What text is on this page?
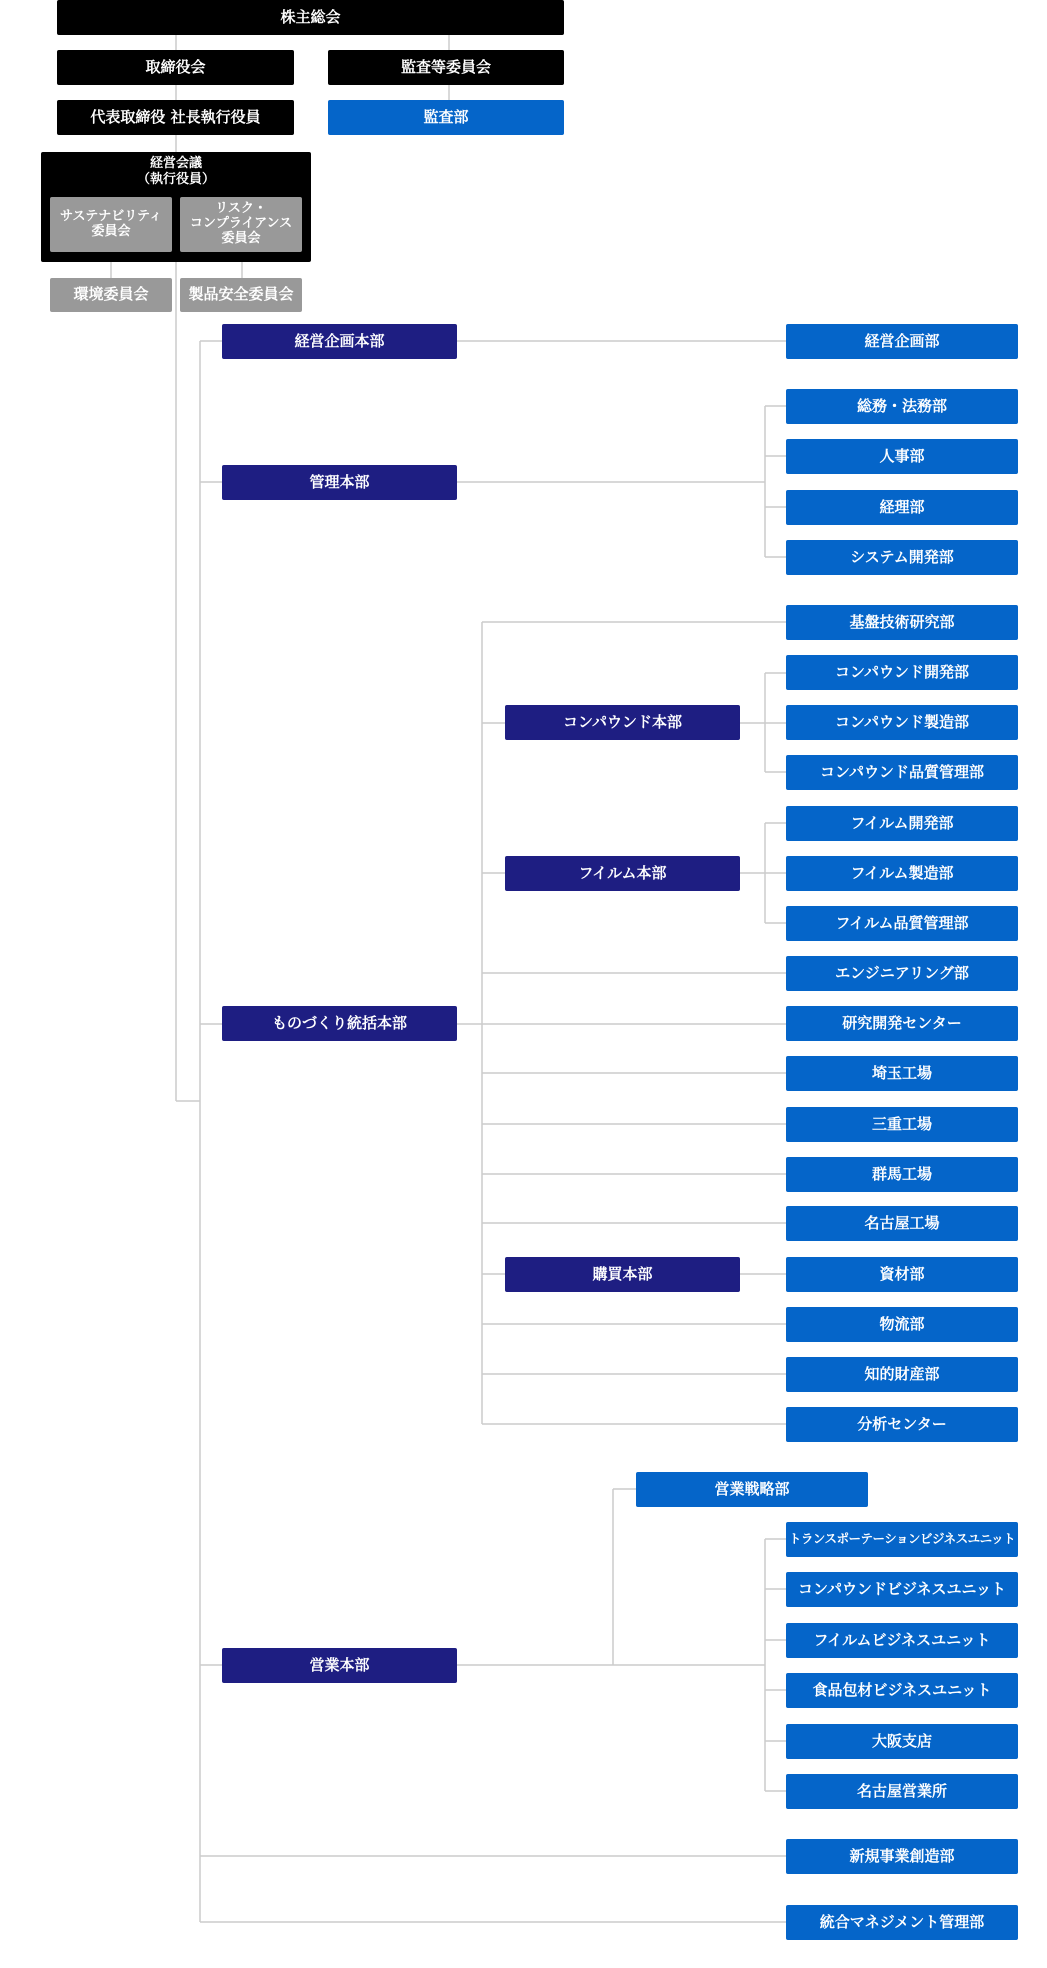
株主総会
取締役会	監査等委員会
代表取締役 社長執行役員	監査部
経営会議
（執行役員）
サステナビリティ
委員会
リスク・
コンプライアンス
委員会
環境委員会	製品安全委員会
経営企画本部
管理本部
ものづくり統括本部
営業本部
コンパウンド本部
フイルム本部
購買本部
経営企画部
総務・法務部
人事部
経理部
システム開発部
基盤技術研究部
コンパウンド開発部
コンパウンド製造部
コンパウンド品質管理部
フイルム開発部
フイルム製造部
フイルム品質管理部
エンジニアリング部
研究開発センター
埼玉工場
三重工場
群馬工場
名古屋工場
資材部
物流部
知的財産部
分析センター
営業戦略部
トランスポーテーションビジネスユニット
コンパウンドビジネスユニット
フイルムビジネスユニット
食品包材ビジネスユニット
大阪支店
名古屋営業所
新規事業創造部
統合マネジメント管理部
